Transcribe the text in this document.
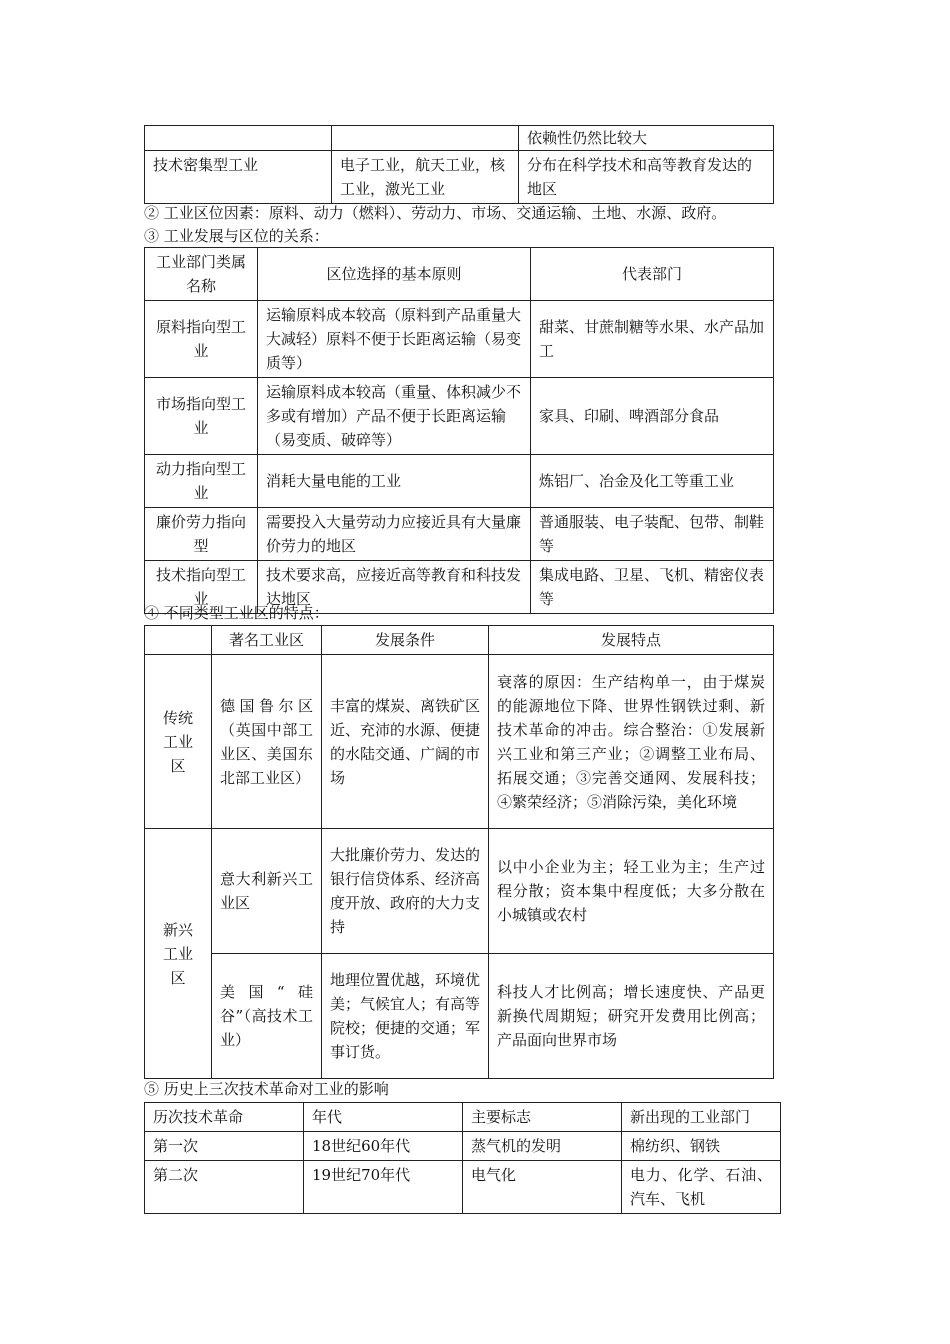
		依赖性仍然比较大
技术密集型工业	电子工业，航天工业，核工业，激光工业	分布在科学技术和高等教育发达的地区
② 工业区位因素：原料、动力（燃料）、劳动力、市场、交通运输、土地、水源、政府。
③ 工业发展与区位的关系：
工业部门类属名称	区位选择的基本原则	代表部门
原料指向型工业	运输原料成本较高（原料到产品重量大大减轻）原料不便于长距离运输（易变质等）	甜菜、甘蔗制糖等水果、水产品加工
市场指向型工业	运输原料成本较高（重量、体积减少不多或有增加）产品不便于长距离运输（易变质、破碎等）	家具、印刷、啤酒部分食品
动力指向型工业	消耗大量电能的工业	炼铝厂、冶金及化工等重工业
廉价劳力指向型	需要投入大量劳动力应接近具有大量廉价劳力的地区	普通服装、电子装配、包带、制鞋等
技术指向型工业	技术要求高，应接近高等教育和科技发达地区	集成电路、卫星、飞机、精密仪表等
④ 不同类型工业区的特点：
	著名工业区	发展条件	发展特点
传统工业区	德国鲁尔区（英国中部工业区、美国东北部工业区）	丰富的煤炭、离铁矿区近、充沛的水源、便捷的水陆交通、广阔的市场	衰落的原因：生产结构单一，由于煤炭的能源地位下降、世界性钢铁过剩、新技术革命的冲击。综合整治：①发展新兴工业和第三产业；②调整工业布局、拓展交通；③完善交通网、发展科技；④繁荣经济；⑤消除污染，美化环境
新兴工业区	意大利新兴工业区	大批廉价劳力、发达的银行信贷体系、经济高度开放、政府的大力支持	以中小企业为主；轻工业为主；生产过程分散；资本集中程度低；大多分散在小城镇或农村
	美国“硅谷”（高技术工业）	地理位置优越，环境优美；气候宜人；有高等院校；便捷的交通；军事订货。	科技人才比例高；增长速度快、产品更新换代周期短；研究开发费用比例高；产品面向世界市场
⑤ 历史上三次技术革命对工业的影响
历次技术革命	年代	主要标志	新出现的工业部门
第一次	18世纪60年代	蒸气机的发明	棉纺织、钢铁
第二次	19世纪70年代	电气化	电力、化学、石油、汽车、飞机
